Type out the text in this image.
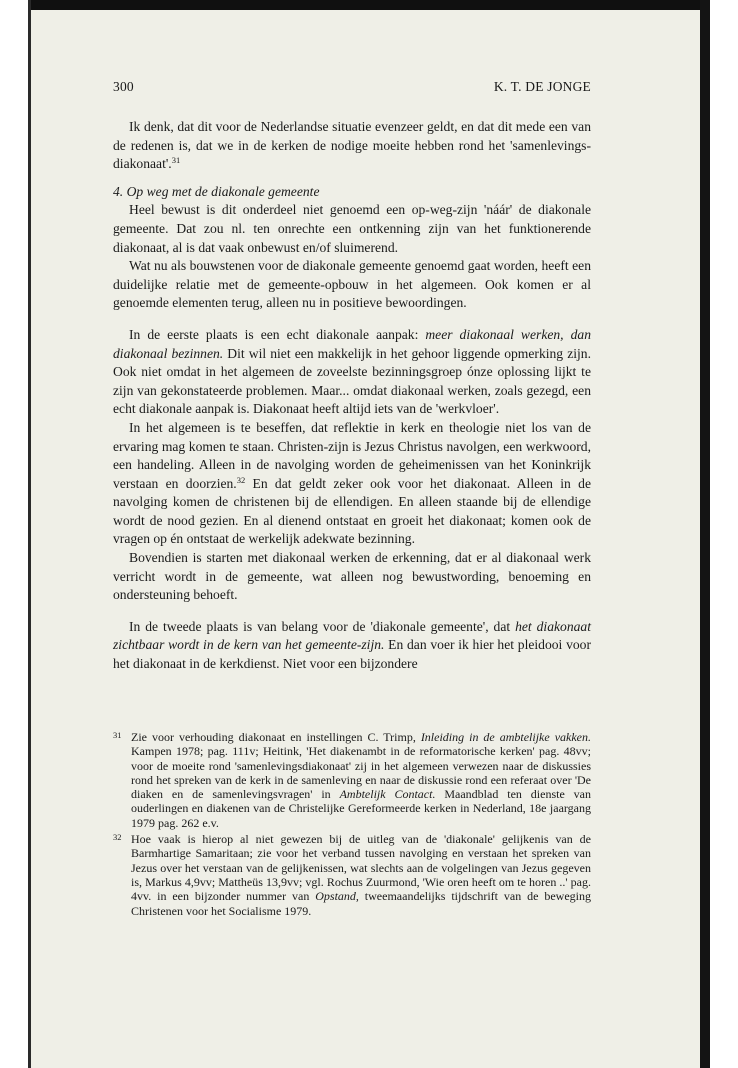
300	K. T. DE JONGE

Ik denk, dat dit voor de Nederlandse situatie evenzeer geldt, en dat dit mede een van de redenen is, dat we in de kerken de nodige moeite hebben rond het 'samenlevings-diakonaat'.$^{31}$

4. Op weg met de diakonale gemeente

Heel bewust is dit onderdeel niet genoemd een op-weg-zijn 'náár' de diakonale gemeente. Dat zou nl. ten onrechte een ontkenning zijn van het funktionerende diakonaat, al is dat vaak onbewust en/of sluimerend.

Wat nu als bouwstenen voor de diakonale gemeente genoemd gaat worden, heeft een duidelijke relatie met de gemeente-opbouw in het algemeen. Ook komen er al genoemde elementen terug, alleen nu in positieve bewoordingen.

In de eerste plaats is een echt diakonale aanpak: meer diakonaal werken, dan diakonaal bezinnen. Dit wil niet een makkelijk in het gehoor liggende opmerking zijn. Ook niet omdat in het algemeen de zoveelste bezinningsgroep ónze oplossing lijkt te zijn van gekonstateerde problemen. Maar... omdat diakonaal werken, zoals gezegd, een echt diakonale aanpak is. Diakonaat heeft altijd iets van de 'werkvloer'.

In het algemeen is te beseffen, dat reflektie in kerk en theologie niet los van de ervaring mag komen te staan. Christen-zijn is Jezus Christus navolgen, een werkwoord, een handeling. Alleen in de navolging worden de geheimenissen van het Koninkrijk verstaan en doorzien.$^{32}$ En dat geldt zeker ook voor het diakonaat. Alleen in de navolging komen de christenen bij de ellendigen. En alleen staande bij de ellendige wordt de nood gezien. En al dienend ontstaat en groeit het diakonaat; komen ook de vragen op én ontstaat de werkelijk adekwate bezinning.

Bovendien is starten met diakonaal werken de erkenning, dat er al diakonaal werk verricht wordt in de gemeente, wat alleen nog bewustwording, benoeming en ondersteuning behoeft.

In de tweede plaats is van belang voor de 'diakonale gemeente', dat het diakonaat zichtbaar wordt in de kern van het gemeente-zijn. En dan voer ik hier het pleidooi voor het diakonaat in de kerkdienst. Niet voor een bijzondere

31 Zie voor verhouding diakonaat en instellingen C. Trimp, Inleiding in de ambtelijke vakken. Kampen 1978; pag. 111v; Heitink, 'Het diakenambt in de reformatorische kerken' pag. 48vv; voor de moeite rond 'samenlevingsdiakonaat' zij in het algemeen verwezen naar de diskussies rond het spreken van de kerk in de samenleving en naar de diskussie rond een referaat over 'De diaken en de samenlevingsvragen' in Ambtelijk Contact. Maandblad ten dienste van ouderlingen en diakenen van de Christelijke Gereformeerde kerken in Nederland, 18e jaargang 1979 pag. 262 e.v.
32 Hoe vaak is hierop al niet gewezen bij de uitleg van de 'diakonale' gelijkenis van de Barmhartige Samaritaan; zie voor het verband tussen navolging en verstaan het spreken van Jezus over het verstaan van de gelijkenissen, wat slechts aan de volgelingen van Jezus gegeven is, Markus 4,9vv; Mattheüs 13,9vv; vgl. Rochus Zuurmond, 'Wie oren heeft om te horen ..' pag. 4vv. in een bijzonder nummer van Opstand, tweemaandelijks tijdschrift van de beweging Christenen voor het Socialisme 1979.
